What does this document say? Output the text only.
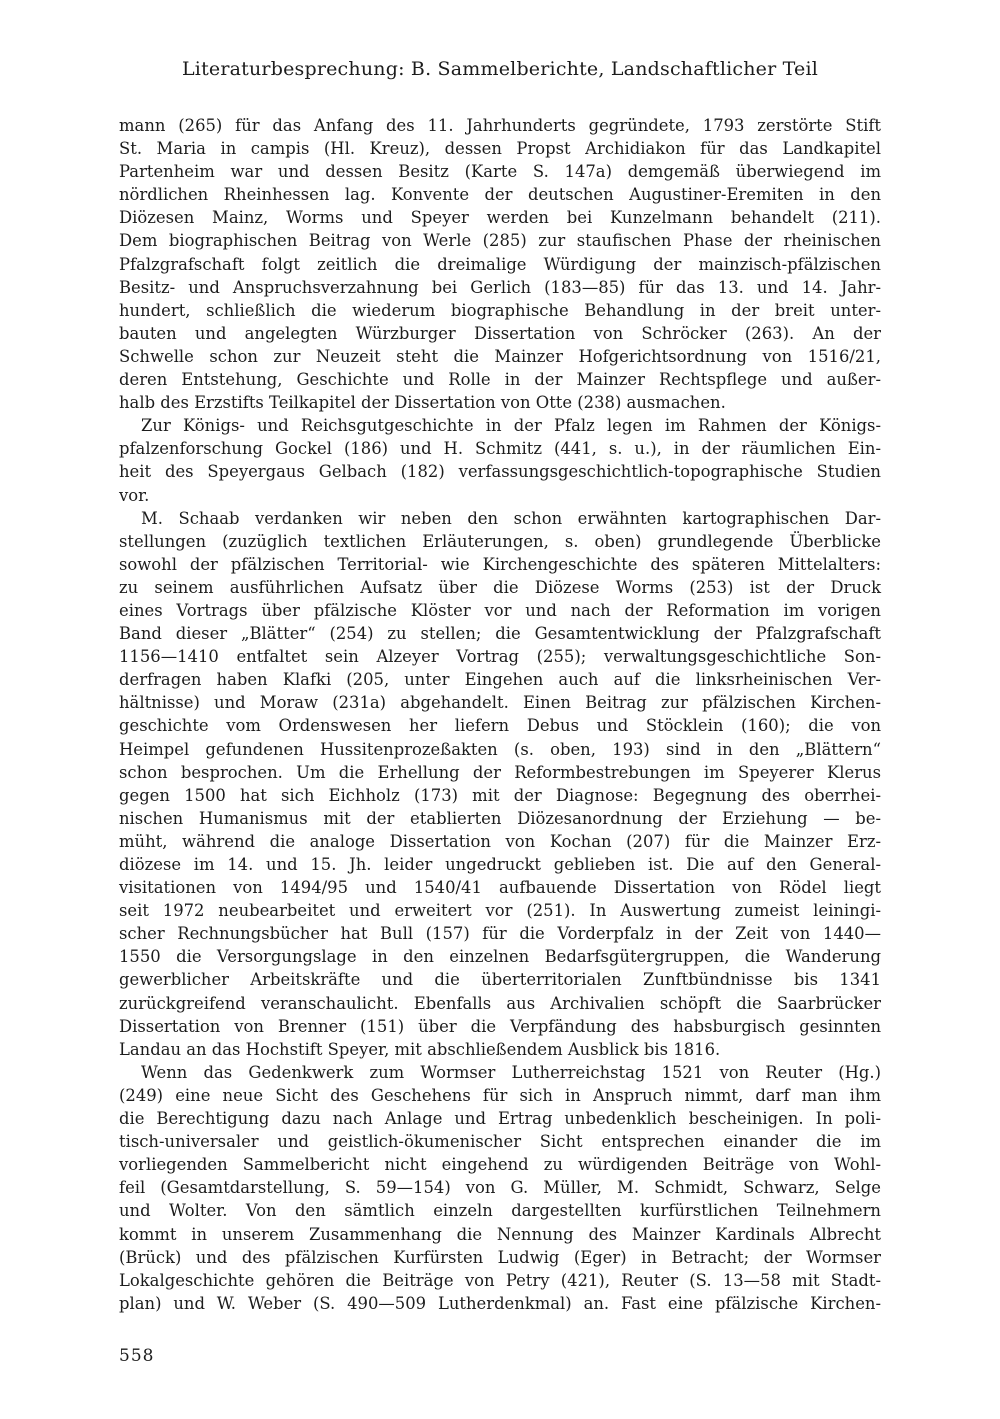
Literaturbesprechung: B. Sammelberichte, Landschaftlicher Teil
mann (265) für das Anfang des 11. Jahrhunderts gegründete, 1793 zerstörte Stift
St. Maria in campis (Hl. Kreuz), dessen Propst Archidiakon für das Landkapitel
Partenheim war und dessen Besitz (Karte S. 147a) demgemäß überwiegend im
nördlichen Rheinhessen lag. Konvente der deutschen Augustiner-Eremiten in den
Diözesen Mainz, Worms und Speyer werden bei Kunzelmann behandelt (211).
Dem biographischen Beitrag von Werle (285) zur staufischen Phase der rheinischen
Pfalzgrafschaft folgt zeitlich die dreimalige Würdigung der mainzisch-pfälzischen
Besitz- und Anspruchsverzahnung bei Gerlich (183—85) für das 13. und 14. Jahr-
hundert, schließlich die wiederum biographische Behandlung in der breit unter-
bauten und angelegten Würzburger Dissertation von Schröcker (263). An der
Schwelle schon zur Neuzeit steht die Mainzer Hofgerichtsordnung von 1516/21,
deren Entstehung, Geschichte und Rolle in der Mainzer Rechtspflege und außer-
halb des Erzstifts Teilkapitel der Dissertation von Otte (238) ausmachen.
Zur Königs- und Reichsgutgeschichte in der Pfalz legen im Rahmen der Königs-
pfalzenforschung Gockel (186) und H. Schmitz (441, s. u.), in der räumlichen Ein-
heit des Speyergaus Gelbach (182) verfassungsgeschichtlich-topographische Studien
vor.
M. Schaab verdanken wir neben den schon erwähnten kartographischen Dar-
stellungen (zuzüglich textlichen Erläuterungen, s. oben) grundlegende Überblicke
sowohl der pfälzischen Territorial- wie Kirchengeschichte des späteren Mittelalters:
zu seinem ausführlichen Aufsatz über die Diözese Worms (253) ist der Druck
eines Vortrags über pfälzische Klöster vor und nach der Reformation im vorigen
Band dieser „Blätter“ (254) zu stellen; die Gesamtentwicklung der Pfalzgrafschaft
1156—1410 entfaltet sein Alzeyer Vortrag (255); verwaltungsgeschichtliche Son-
derfragen haben Klafki (205, unter Eingehen auch auf die linksrheinischen Ver-
hältnisse) und Moraw (231a) abgehandelt. Einen Beitrag zur pfälzischen Kirchen-
geschichte vom Ordenswesen her liefern Debus und Stöcklein (160); die von
Heimpel gefundenen Hussitenprozeßakten (s. oben, 193) sind in den „Blättern“
schon besprochen. Um die Erhellung der Reformbestrebungen im Speyerer Klerus
gegen 1500 hat sich Eichholz (173) mit der Diagnose: Begegnung des oberrhei-
nischen Humanismus mit der etablierten Diözesanordnung der Erziehung — be-
müht, während die analoge Dissertation von Kochan (207) für die Mainzer Erz-
diözese im 14. und 15. Jh. leider ungedruckt geblieben ist. Die auf den General-
visitationen von 1494/95 und 1540/41 aufbauende Dissertation von Rödel liegt
seit 1972 neubearbeitet und erweitert vor (251). In Auswertung zumeist leiningi-
scher Rechnungsbücher hat Bull (157) für die Vorderpfalz in der Zeit von 1440—
1550 die Versorgungslage in den einzelnen Bedarfsgütergruppen, die Wanderung
gewerblicher Arbeitskräfte und die überterritorialen Zunftbündnisse bis 1341
zurückgreifend veranschaulicht. Ebenfalls aus Archivalien schöpft die Saarbrücker
Dissertation von Brenner (151) über die Verpfändung des habsburgisch gesinnten
Landau an das Hochstift Speyer, mit abschließendem Ausblick bis 1816.
Wenn das Gedenkwerk zum Wormser Lutherreichstag 1521 von Reuter (Hg.)
(249) eine neue Sicht des Geschehens für sich in Anspruch nimmt, darf man ihm
die Berechtigung dazu nach Anlage und Ertrag unbedenklich bescheinigen. In poli-
tisch-universaler und geistlich-ökumenischer Sicht entsprechen einander die im
vorliegenden Sammelbericht nicht eingehend zu würdigenden Beiträge von Wohl-
feil (Gesamtdarstellung, S. 59—154) von G. Müller, M. Schmidt, Schwarz, Selge
und Wolter. Von den sämtlich einzeln dargestellten kurfürstlichen Teilnehmern
kommt in unserem Zusammenhang die Nennung des Mainzer Kardinals Albrecht
(Brück) und des pfälzischen Kurfürsten Ludwig (Eger) in Betracht; der Wormser
Lokalgeschichte gehören die Beiträge von Petry (421), Reuter (S. 13—58 mit Stadt-
plan) und W. Weber (S. 490—509 Lutherdenkmal) an. Fast eine pfälzische Kirchen-
558
